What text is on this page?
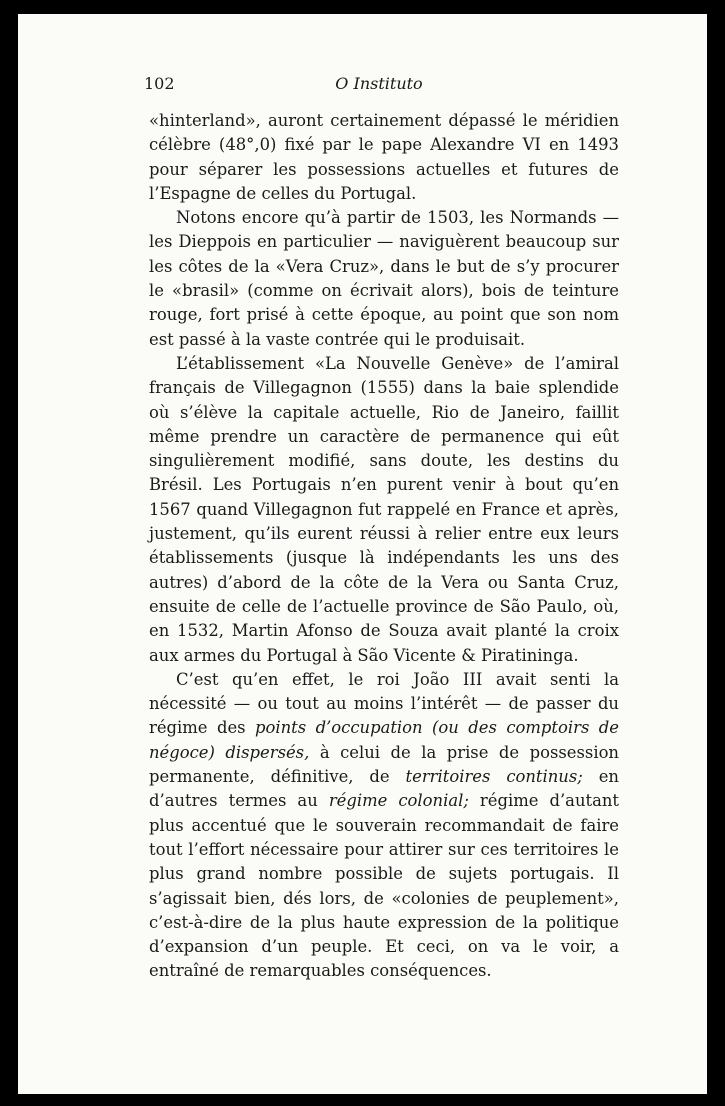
102	O Instituto

«hinterland», auront certainement dépassé le méridien célèbre (48°,0) fixé par le pape Alexandre VI en 1493 pour séparer les possessions actuelles et futures de l’Espagne de celles du Portugal.

Notons encore qu’à partir de 1503, les Normands — les Dieppois en particulier — naviguèrent beaucoup sur les côtes de la «Vera Cruz», dans le but de s’y procurer le «brasil» (comme on écrivait alors), bois de teinture rouge, fort prisé à cette époque, au point que son nom est passé à la vaste contrée qui le produisait.

L’établissement «La Nouvelle Genève» de l’amiral français de Villegagnon (1555) dans la baie splendide où s’élève la capitale actuelle, Rio de Janeiro, faillit même prendre un caractère de permanence qui eût singulièrement modifié, sans doute, les destins du Brésil. Les Portugais n’en purent venir à bout qu’en 1567 quand Villegagnon fut rappelé en France et après, justement, qu’ils eurent réussi à relier entre eux leurs établissements (jusque là indépendants les uns des autres) d’abord de la côte de la Vera ou Santa Cruz, ensuite de celle de l’actuelle province de São Paulo, où, en 1532, Martin Afonso de Souza avait planté la croix aux armes du Portugal à São Vicente & Piratininga.

C’est qu’en effet, le roi João III avait senti la nécessité — ou tout au moins l’intérêt — de passer du régime des points d’occupation (ou des comptoirs de négoce) dispersés, à celui de la prise de possession permanente, définitive, de territoires continus; en d’autres termes au régime colonial; régime d’autant plus accentué que le souverain recommandait de faire tout l’effort nécessaire pour attirer sur ces territoires le plus grand nombre possible de sujets portugais. Il s’agissait bien, dés lors, de «colonies de peuplement», c’est-à-dire de la plus haute expression de la politique d’expansion d’un peuple. Et ceci, on va le voir, a entraîné de remarquables conséquences.
